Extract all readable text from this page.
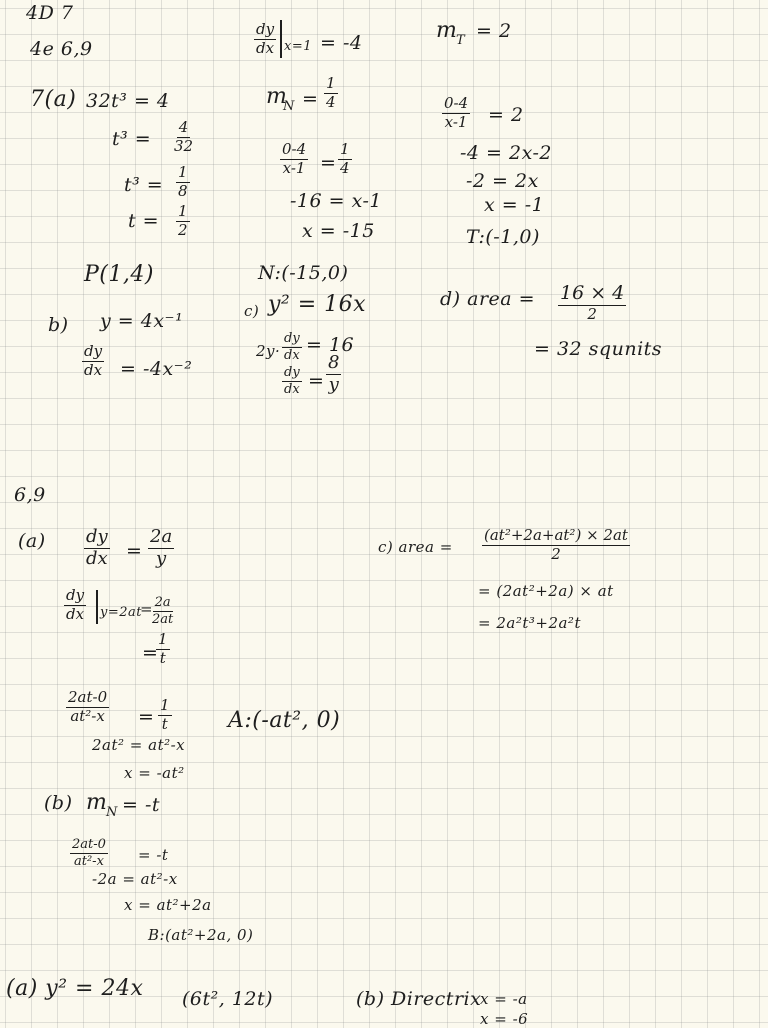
4D 7
4e 6,9
7(a) 32t³ = 4
$t^3 = \frac{4}{32}$
$t^3 = \frac{1}{8}$
$t = \frac{1}{2}$
P(1,4)
b) y = 4x⁻¹
$\frac{dy}{dx} = -4x^{-2}$
$\frac{dy}{dx} x=1 = -4$
m
$N = \frac{1}{4}$
$\frac{0-4}{x-1} = \frac{1}{4}$
-16 = x-1
x = -15
N:(-15,0)
c) y² = 16x
$2y\cdot \frac{dy}{dx} = 16$
$\frac{dy}{dx} = \frac{8}{y}$
m
T = 2
$\frac{0-4}{x-1} = 2$
-4 = 2x-2
-2 = 2x
x = -1
T:(-1,0)
d) area = 16 × 4
2
= 32 squnits
6,9
$(a) \frac{dy}{dx} = \frac{2a}{y}$
$\frac{dy}{dx} y=2at$
=
$\frac{2a}{2at}$
=
$\frac{1}{t}$
$\frac{2at-0}{\text{at²-x}} = \frac{1}{t}$	A:(-at², 0)
2at² = at²-x
x = -at²
(b) m
N = -t
$\frac{2at-0}{\text{at²-x}} = -t$
-2a = at²-x
x = at²+2a
B:(at²+2a, 0)
c) area = $\frac{\text{(at²+2a+at²) × 2at}}{2}$
= (2at²+2a) × at
= 2a²t³+2a²t
(a) y² = 24x (6t², 12t)	(b) Directrix
x = -a
x = -6
